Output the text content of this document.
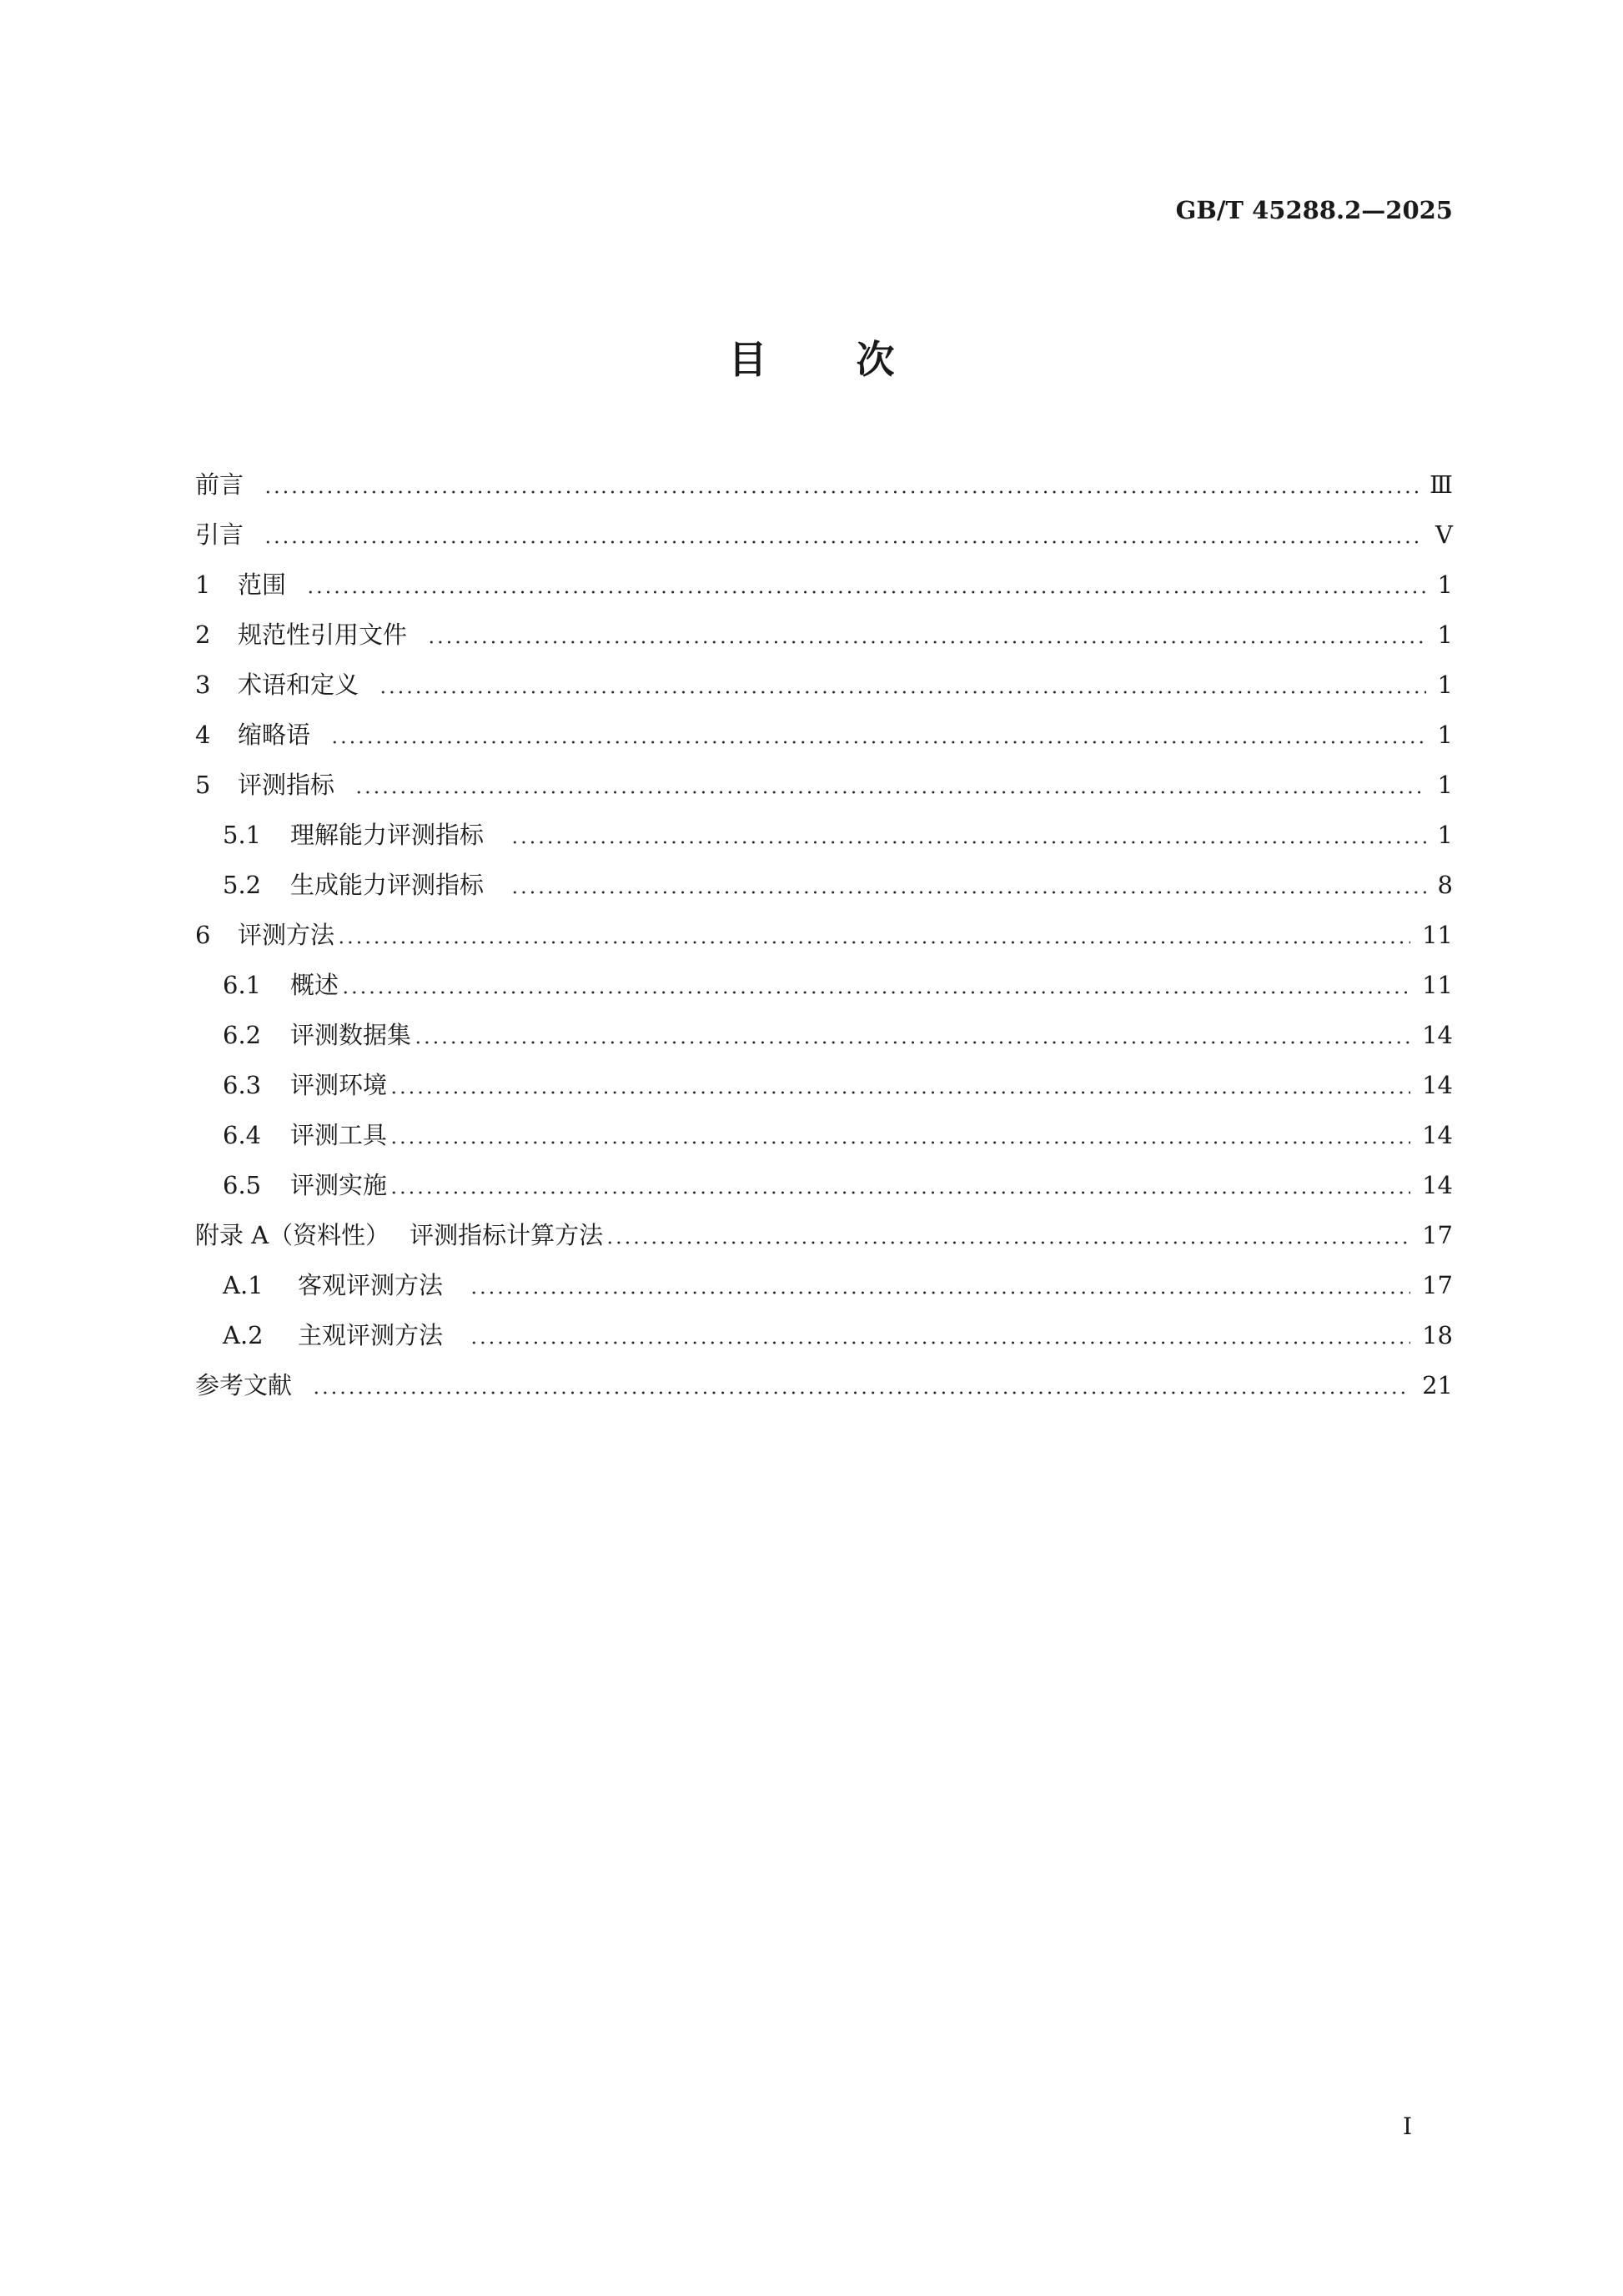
GB/T 45288.2—2025
目次
前言	Ⅲ
引言	Ⅴ
1	范围	1
2	规范性引用文件	1
3	术语和定义	1
4	缩略语	1
5	评测指标	1
5.1	理解能力评测指标	1
5.2	生成能力评测指标	8
6	评测方法	11
6.1	概述	11
6.2	评测数据集	14
6.3	评测环境	14
6.4	评测工具	14
6.5	评测实施	14
附录 A（资料性） 评测指标计算方法	17
A.1	客观评测方法	17
A.2	主观评测方法	18
参考文献	21
I
